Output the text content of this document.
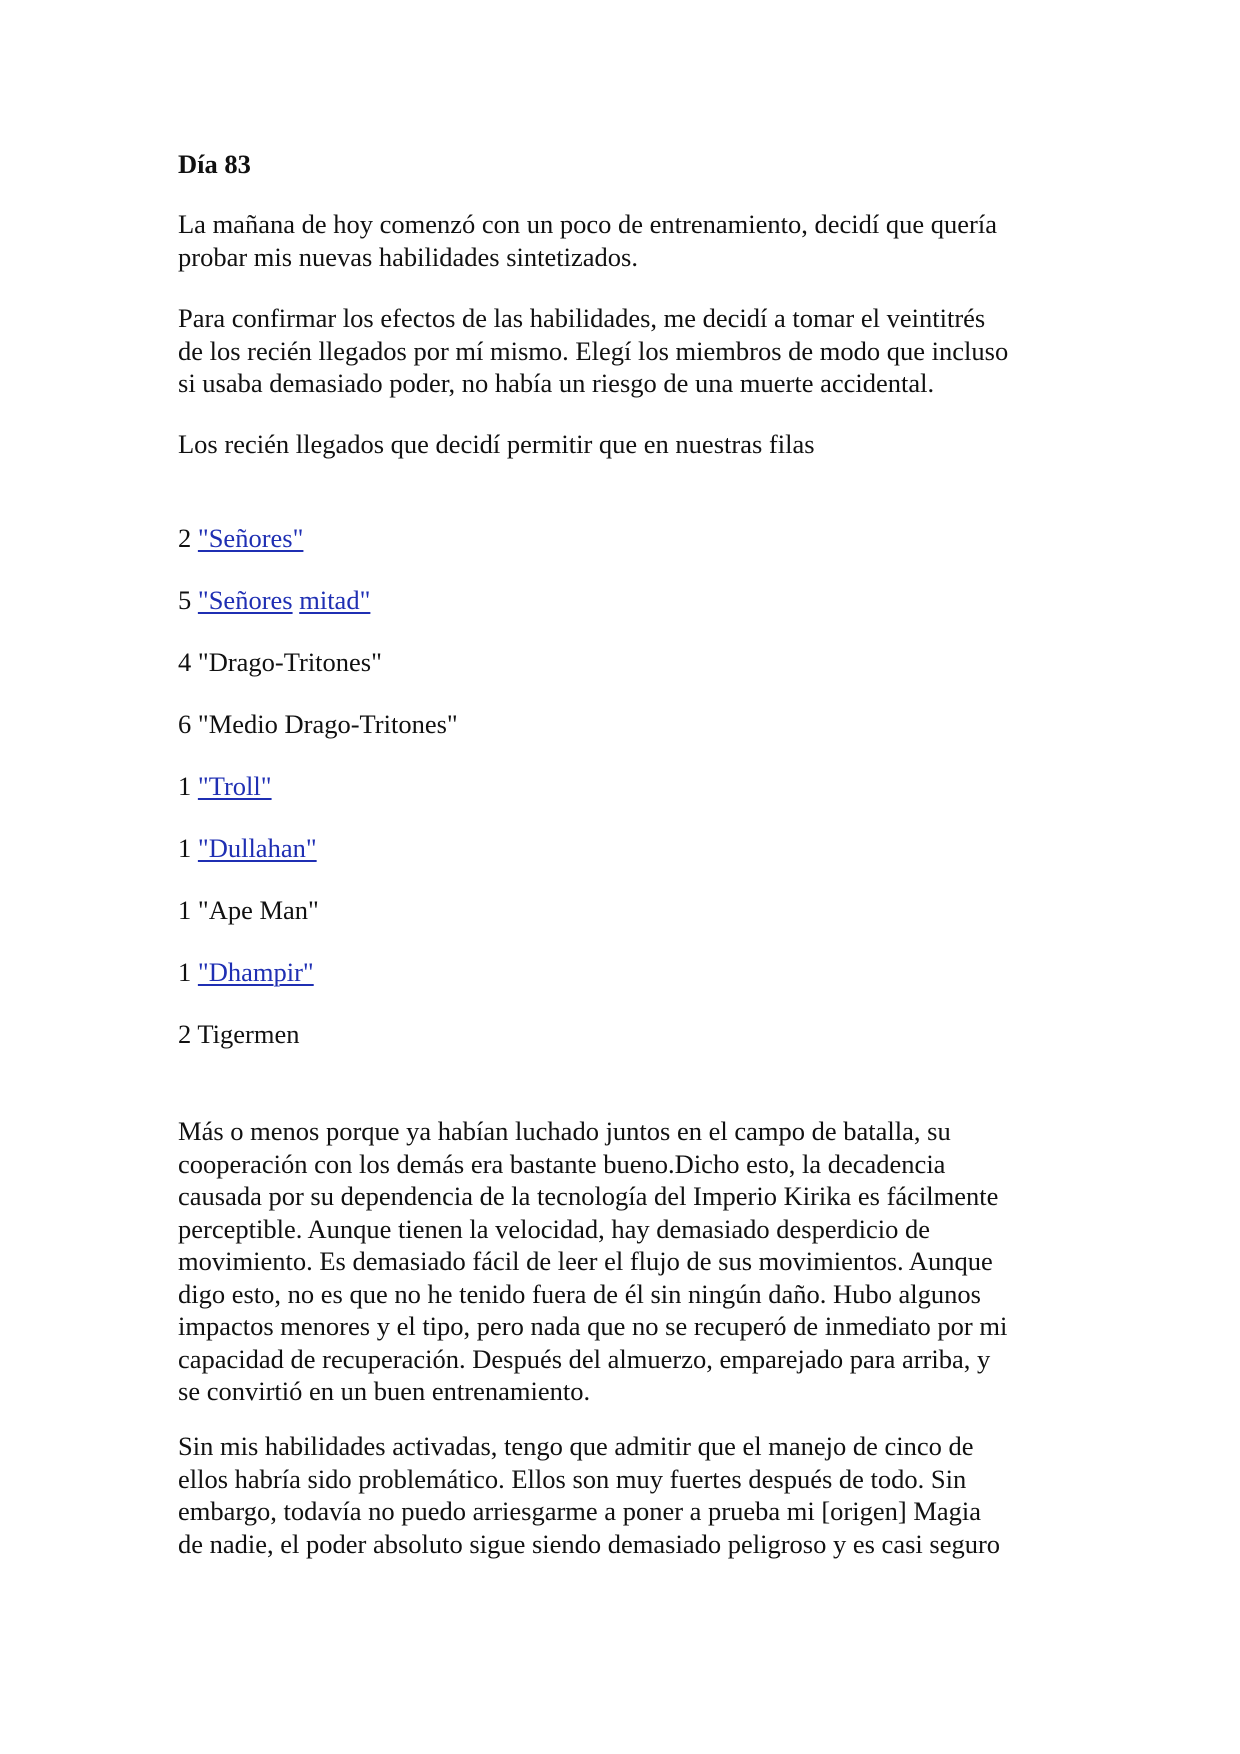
Día 83
La mañana de hoy comenzó con un poco de entrenamiento, decidí que quería
probar mis nuevas habilidades sintetizados.
Para confirmar los efectos de las habilidades, me decidí a tomar el veintitrés
de los recién llegados por mí mismo. Elegí los miembros de modo que incluso
si usaba demasiado poder, no había un riesgo de una muerte accidental.
Los recién llegados que decidí permitir que en nuestras filas
2 "Señores"
5 "Señores mitad"
4 "Drago-Tritones"
6 "Medio Drago-Tritones"
1 "Troll"
1 "Dullahan"
1 "Ape Man"
1 "Dhampir"
2 Tigermen
Más o menos porque ya habían luchado juntos en el campo de batalla, su
cooperación con los demás era bastante bueno.Dicho esto, la decadencia
causada por su dependencia de la tecnología del Imperio Kirika es fácilmente
perceptible. Aunque tienen la velocidad, hay demasiado desperdicio de
movimiento. Es demasiado fácil de leer el flujo de sus movimientos. Aunque
digo esto, no es que no he tenido fuera de él sin ningún daño. Hubo algunos
impactos menores y el tipo, pero nada que no se recuperó de inmediato por mi
capacidad de recuperación. Después del almuerzo, emparejado para arriba, y
se convirtió en un buen entrenamiento.
Sin mis habilidades activadas, tengo que admitir que el manejo de cinco de
ellos habría sido problemático. Ellos son muy fuertes después de todo. Sin
embargo, todavía no puedo arriesgarme a poner a prueba mi [origen] Magia
de nadie, el poder absoluto sigue siendo demasiado peligroso y es casi seguro
